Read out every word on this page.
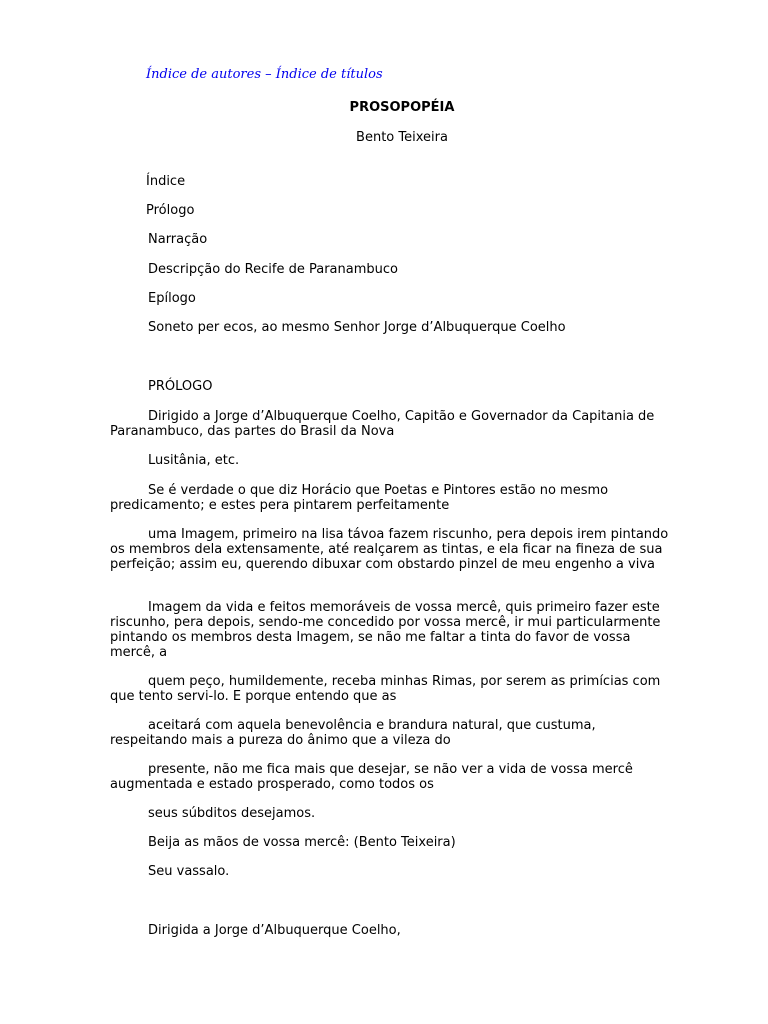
Índice de autores – Índice de títulos
PROSOPOPÉIA
Bento Teixeira
Índice
Prólogo
Narração
Descripção do Recife de Paranambuco
Epílogo
Soneto per ecos, ao mesmo Senhor Jorge d’Albuquerque Coelho
PRÓLOGO
Dirigido a Jorge d’Albuquerque Coelho, Capitão e Governador da Capitania de Paranambuco, das partes do Brasil da Nova
Lusitânia, etc.
Se é verdade o que diz Horácio que Poetas e Pintores estão no mesmo predicamento; e estes pera pintarem perfeitamente
uma Imagem, primeiro na lisa távoa fazem riscunho, pera depois irem pintando os membros dela extensamente, até realçarem as tintas, e ela ficar na fineza de sua perfeição; assim eu, querendo dibuxar com obstardo pinzel de meu engenho a viva
Imagem da vida e feitos memoráveis de vossa mercê, quis primeiro fazer este riscunho, pera depois, sendo-me concedido por vossa mercê, ir mui particularmente pintando os membros desta Imagem, se não me faltar a tinta do favor de vossa mercê, a
quem peço, humildemente, receba minhas Rimas, por serem as primícias com que tento servi-lo. E porque entendo que as
aceitará com aquela benevolência e brandura natural, que custuma, respeitando mais a pureza do ânimo que a vileza do
presente, não me fica mais que desejar, se não ver a vida de vossa mercê augmentada e estado prosperado, como todos os
seus súbditos desejamos.
Beija as mãos de vossa mercê: (Bento Teixeira)
Seu vassalo.
Dirigida a Jorge d’Albuquerque Coelho,
